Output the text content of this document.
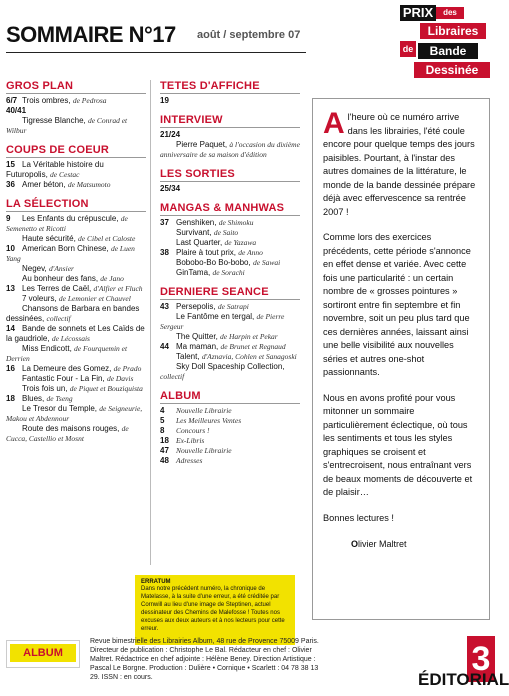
SOMMAIRE N°17 août / septembre 07
PRIX	des
Libraires
de	Bande
Dessinée
GROS PLAN
6/7 Trois ombres, de Pedrosa
40/41
Tigresse Blanche, de Conrad et Wilbur
COUPS DE COEUR
15 La Véritable histoire du Futuropolis, de Cestac
36 Amer béton, de Matsumoto
LA SÉLECTION
9 Les Enfants du crépuscule, de Semenetto et Ricotti
Haute sécurité, de Cibel et Caloste
10 American Born Chinese, de Luen Yang
Negev, d'Ansier
Au bonheur des fans, de Jano
13 Les Terres de Caël, d'Alfier et Fluch
7 voleurs, de Lemonier et Chauvel
Chansons de Barbara en bandes dessinées, collectif
14 Bande de sonnets et Les Caïds de la gaudriole, de Lécossais
Miss Endicott, de Fourquemin et Derrien
16 La Demeure des Gomez, de Prado
Fantastic Four - La Fin, de Davis
Trois fois un, de Piquet et Bouziquista
18 Blues, de Tseng
Le Tresor du Temple, de Seigneurie, Makou et Abdennour
Route des maisons rouges, de Cucca, Castellio et Mosnt
TETES D'AFFICHE
19
INTERVIEW
21/24
Pierre Paquet, à l'occasion du dixième anniversaire de sa maison d'édition
LES SORTIES
25/34
MANGAS & MANHWAS
37 Genshiken, de Shimoku
Survivant, de Saito
Last Quarter, de Yazawa
38 Plaire à tout prix, de Anno
Bobobo-Bo Bo-bobo, de Sawai
GinTama, de Sorachi
DERNIERE SEANCE
43 Persepolis, de Satrapi
Le Fantôme en tergal, de Pierre Sergeur
The Quitter, de Harpin et Pekar
44 Ma maman, de Brunet et Regnaud
Talent, d'Aznavia, Cohlen et Sanagoski
Sky Doll Spaceship Collection, collectif
ALBUM
4 Nouvelle Librairie
5 Les Meilleures Ventes
8 Concours !
18 Ex-Libris
47 Nouvelle Librairie
48 Adresses

Al'heure où ce numéro arrive dans les librairies, l'été coule encore pour quelque temps des jours paisibles. Pourtant, à l'instar des autres domaines de la littérature, le monde de la bande dessinée prépare déjà avec effervescence sa rentrée 2007 !

Comme lors des exercices précédents, cette période s'annonce en effet dense et variée. Avec cette fois une particularité : un certain nombre de « grosses pointures » sortiront entre fin septembre et fin novembre, soit un peu plus tard que ces dernières années, laissant ainsi une belle visibilité aux nouvelles séries et autres one-shot passionnants.

Nous en avons profité pour vous mitonner un sommaire particulièrement éclectique, où tous les sentiments et tous les styles graphiques se croisent et s'entrecroisent, nous entraînant vers de beaux moments de découverte et de plaisir…

Bonnes lectures !

Olivier Maltret
ERRATUM
Dans notre précédent numéro, la chronique de Matelasse, à la suite d'une erreur, a été créditée par Cornwill au lieu d'une image de Steptinen, actuel dessinateur des Chemins de Malefosse ! Toutes nos excuses aux deux auteurs et à nos lecteurs pour cette erreur.
ALBUM
Revue bimestrielle des Librairies Album, 48 rue de Provence 75009 Paris. Directeur de publication : Christophe Le Bal. Rédacteur en chef : Olivier Maltret. Rédactrice en chef adjointe : Hélène Beney. Direction Artistique : Pascal Le Borgne. Production : Dulière • Cornique • Scarlett : 04 78 38 13 29. ISSN : en cours.	3
ÉDITORIAL
